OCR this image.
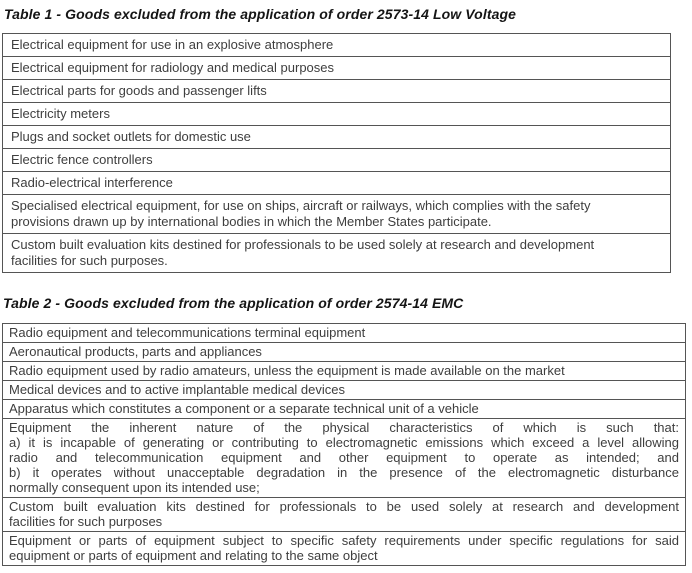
Table 1 - Goods excluded from the application of order 2573-14 Low Voltage
Electrical equipment for use in an explosive atmosphere
Electrical equipment for radiology and medical purposes
Electrical parts for goods and passenger lifts
Electricity meters
Plugs and socket outlets for domestic use
Electric fence controllers
Radio-electrical interference
Specialised electrical equipment, for use on ships, aircraft or railways, which complies with the safety
provisions drawn up by international bodies in which the Member States participate.
Custom built evaluation kits destined for professionals to be used solely at research and development
facilities for such purposes.
Table 2 - Goods excluded from the application of order 2574-14 EMC
Radio equipment and telecommunications terminal equipment
Aeronautical products, parts and appliances
Radio equipment used by radio amateurs, unless the equipment is made available on the market
Medical devices and to active implantable medical devices
Apparatus which constitutes a component or a separate technical unit of a vehicle
Equipment the inherent nature of the physical characteristics of which is such that:
a) it is incapable of generating or contributing to electromagnetic emissions which exceed a level allowing
radio and telecommunication equipment and other equipment to operate as intended; and
b) it operates without unacceptable degradation in the presence of the electromagnetic disturbance
normally consequent upon its intended use;
Custom built evaluation kits destined for professionals to be used solely at research and development
facilities for such purposes
Equipment or parts of equipment subject to specific safety requirements under specific regulations for said
equipment or parts of equipment and relating to the same object
